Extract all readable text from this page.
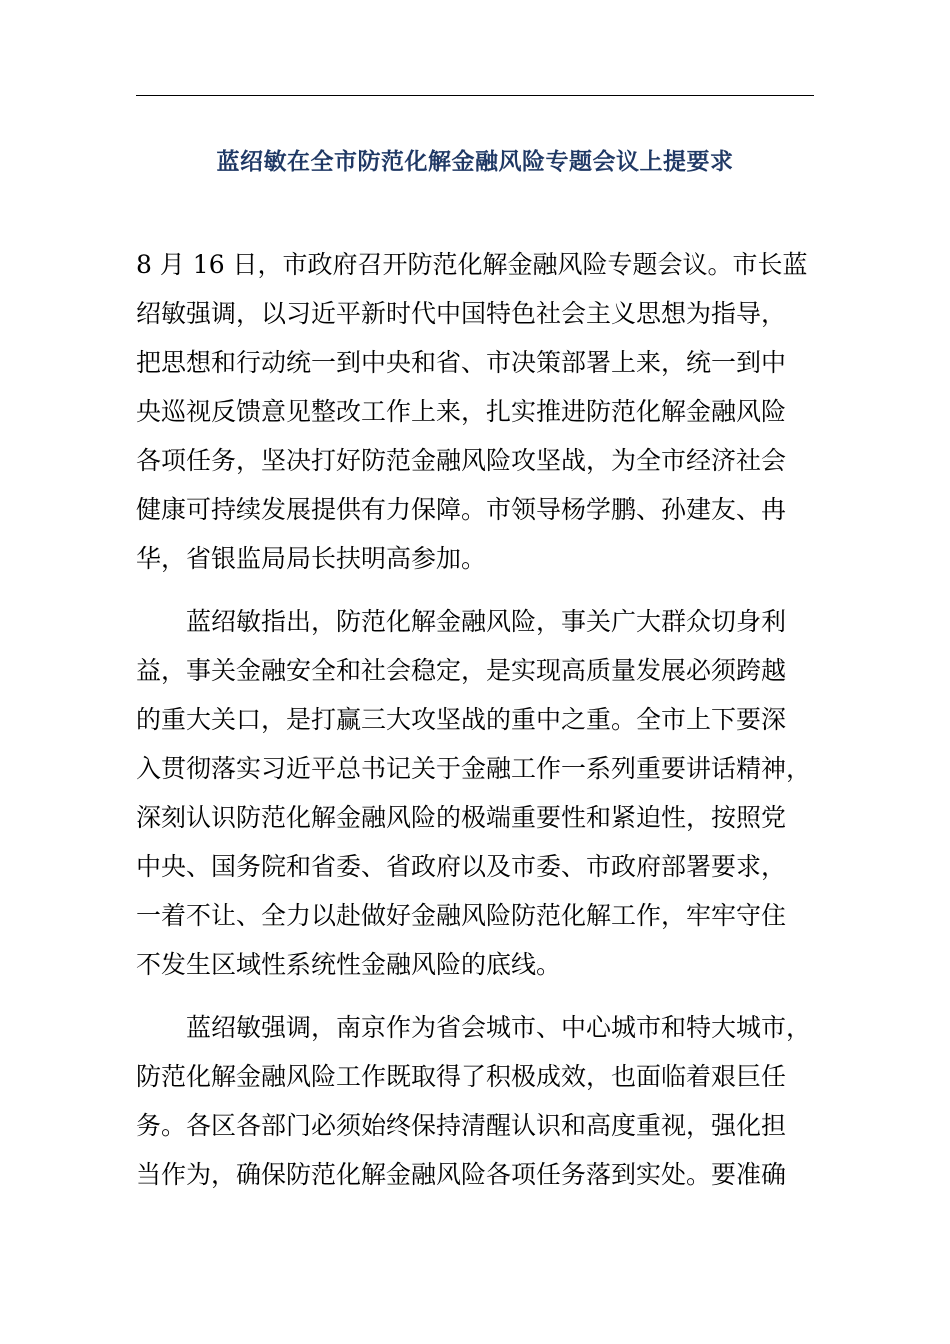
蓝绍敏在全市防范化解金融风险专题会议上提要求
8 月 16 日，市政府召开防范化解金融风险专题会议。市长蓝
绍敏强调，以习近平新时代中国特色社会主义思想为指导，
把思想和行动统一到中央和省、市决策部署上来，统一到中
央巡视反馈意见整改工作上来，扎实推进防范化解金融风险
各项任务，坚决打好防范金融风险攻坚战，为全市经济社会
健康可持续发展提供有力保障。市领导杨学鹏、孙建友、冉
华，省银监局局长扶明高参加。
蓝绍敏指出，防范化解金融风险，事关广大群众切身利
益，事关金融安全和社会稳定，是实现高质量发展必须跨越
的重大关口，是打赢三大攻坚战的重中之重。全市上下要深
入贯彻落实习近平总书记关于金融工作一系列重要讲话精神，
深刻认识防范化解金融风险的极端重要性和紧迫性，按照党
中央、国务院和省委、省政府以及市委、市政府部署要求，
一着不让、全力以赴做好金融风险防范化解工作，牢牢守住
不发生区域性系统性金融风险的底线。
蓝绍敏强调，南京作为省会城市、中心城市和特大城市，
防范化解金融风险工作既取得了积极成效，也面临着艰巨任
务。各区各部门必须始终保持清醒认识和高度重视，强化担
当作为，确保防范化解金融风险各项任务落到实处。要准确
